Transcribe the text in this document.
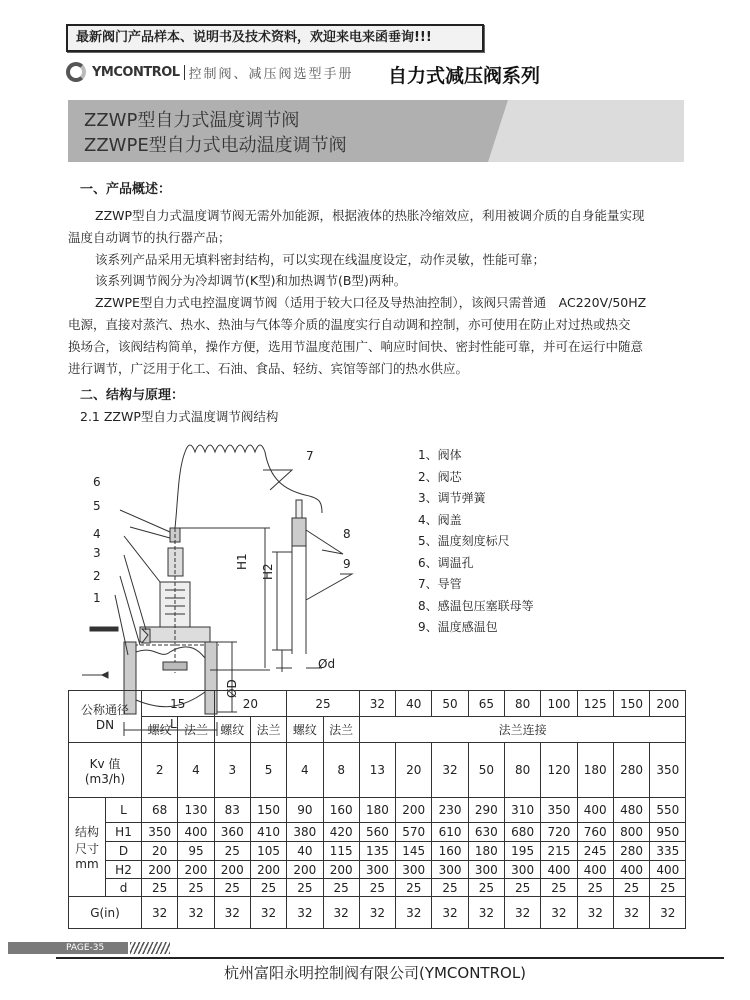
最新阀门产品样本、说明书及技术资料，欢迎来电来函垂询!!!
YMCONTROL 控制阀、减压阀选型手册 自力式减压阀系列
ZZWP型自力式温度调节阀
ZZWPE型自力式电动温度调节阀
一、产品概述：
ZZWP型自力式温度调节阀无需外加能源，根据液体的热胀冷缩效应，利用被调介质的自身能量实现
温度自动调节的执行器产品；
该系列产品采用无填料密封结构，可以实现在线温度设定，动作灵敏，性能可靠；
该系列调节阀分为冷却调节(K型)和加热调节(B型)两种。
ZZWPE型自力式电控温度调节阀（适用于较大口径及导热油控制），该阀只需普通　AC220V/50HZ
电源，直接对蒸汽、热水、热油与气体等介质的温度实行自动调和控制，亦可使用在防止对过热或热交
换场合，该阀结构简单，操作方便，选用节温度范围广、响应时间快、密封性能可靠，并可在运行中随意
进行调节，广泛用于化工、石油、食品、轻纺、宾馆等部门的热水供应。
二、结构与原理：
2.1 ZZWP型自力式温度调节阀结构
1
2
3
4
5
6
7
8
9
H1
H2
ØD
Ød
L
1、阀体
2、阀芯
3、调节弹簧
4、阀盖
5、温度刻度标尺
6、调温孔
7、导管
8、感温包压塞联母等
9、温度感温包
公称通径
DN		15		20		25		32	40	50	65	80	100	125	150	200
		螺纹	法兰	螺纹	法兰	螺纹	法兰	法兰连接								

Kv 值
(m3/h)		2	4	3	5	4	8	13	20	32	50	80	120	180	280	350

结构
尺寸
mm	L	68	130	83	150	90	160	180	200	230	290	310	350	400	480	550
	H1	350	400	360	410	380	420	560	570	610	630	680	720	760	800	950
	D	20	95	25	105	40	115	135	145	160	180	195	215	245	280	335
	H2	200	200	200	200	200	200	300	300	300	300	300	400	400	400	400
	d	25	25	25	25	25	25	25	25	25	25	25	25	25	25	25
G(in)		32	32	32	32	32	32	32	32	32	32	32	32	32	32	32
PAGE-35
杭州富阳永明控制阀有限公司(YMCONTROL)
